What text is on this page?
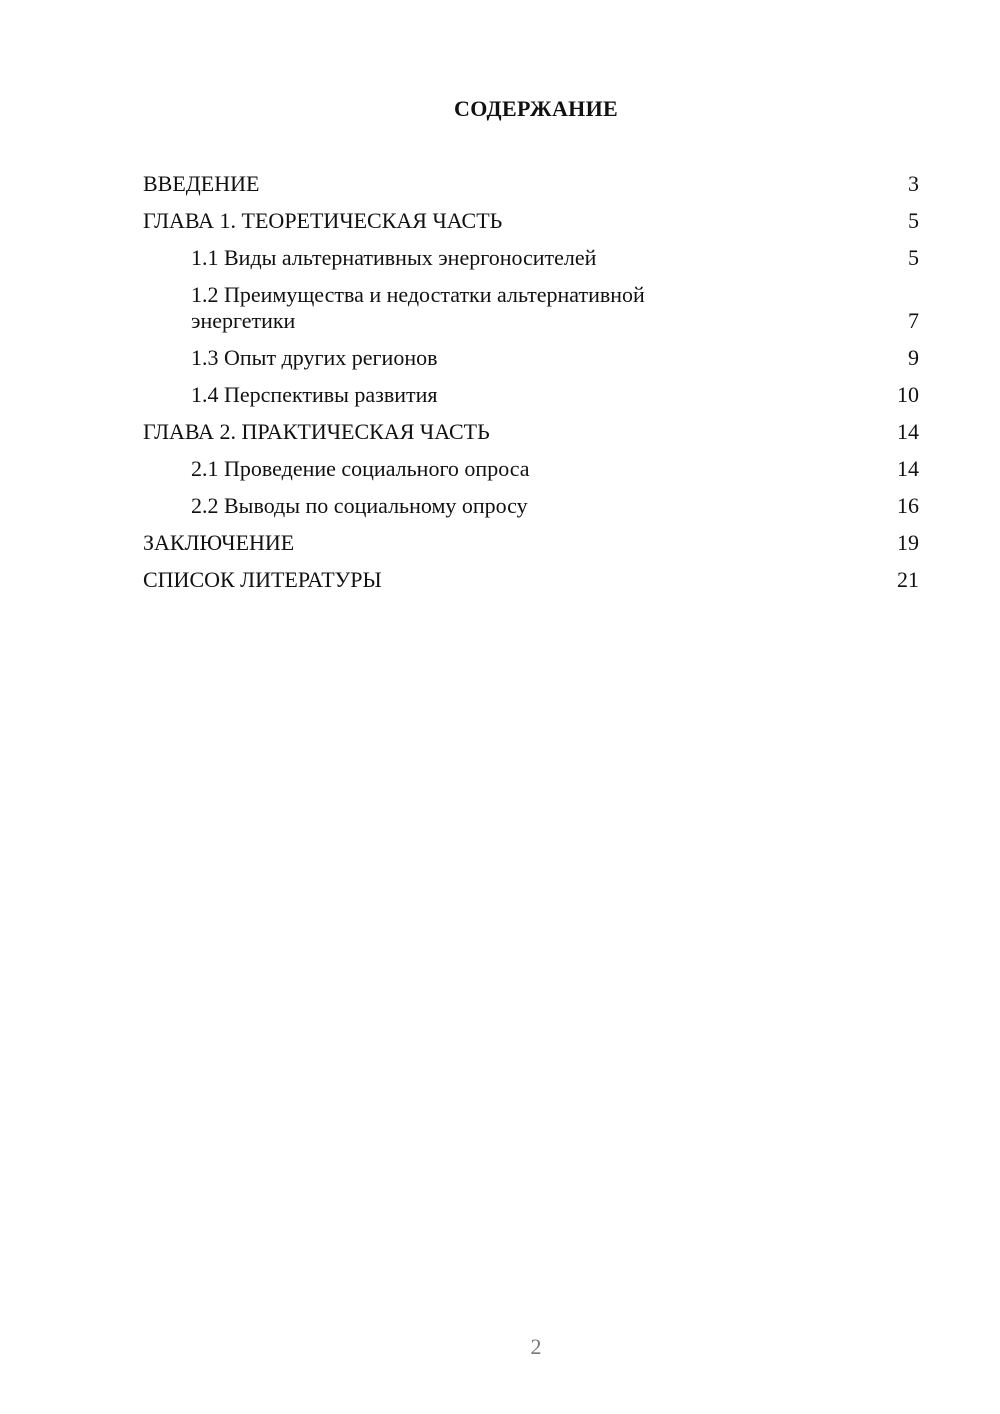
СОДЕРЖАНИЕ
ВВЕДЕНИЕ	3
ГЛАВА 1. ТЕОРЕТИЧЕСКАЯ ЧАСТЬ	5
1.1 Виды альтернативных энергоносителей	5
1.2 Преимущества и недостатки альтернативной энергетики	7
1.3 Опыт других регионов	9
1.4 Перспективы развития	10
ГЛАВА 2. ПРАКТИЧЕСКАЯ ЧАСТЬ	14
2.1 Проведение социального опроса	14
2.2 Выводы по социальному опросу	16
ЗАКЛЮЧЕНИЕ	19
СПИСОК ЛИТЕРАТУРЫ	21
2
